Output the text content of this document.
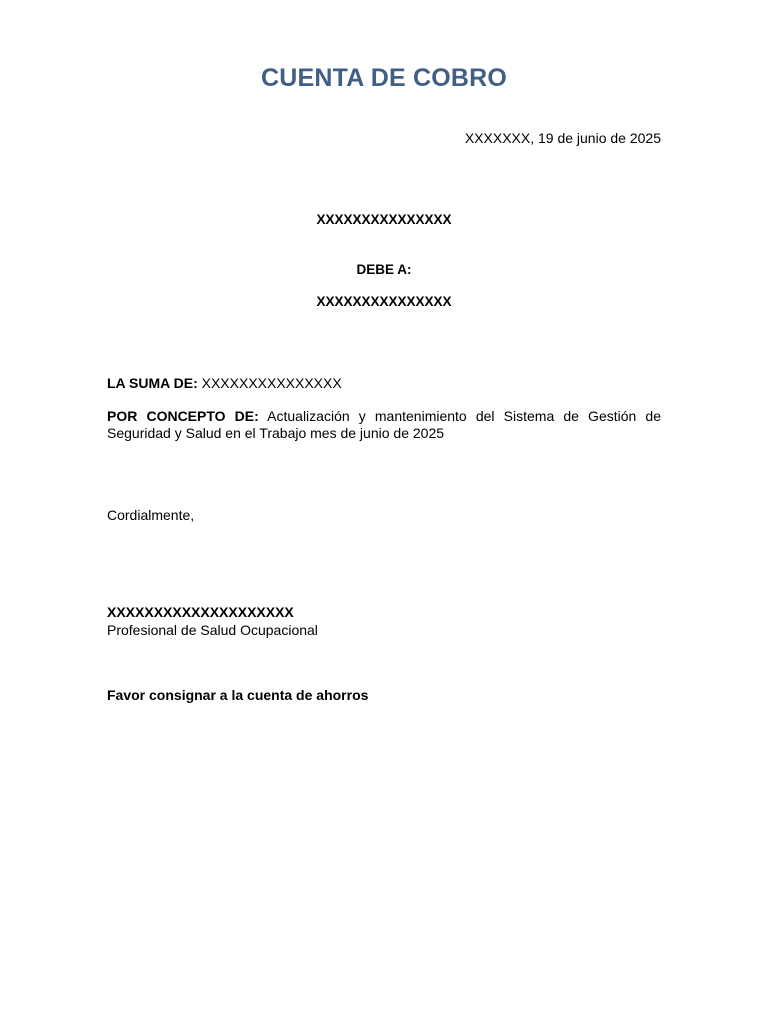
CUENTA DE COBRO
XXXXXXX, 19 de junio de 2025
XXXXXXXXXXXXXXX
DEBE A:
XXXXXXXXXXXXXXX
LA SUMA DE: XXXXXXXXXXXXXXX
POR CONCEPTO DE: Actualización y mantenimiento del Sistema de Gestión de Seguridad y Salud en el Trabajo mes de junio de 2025
Cordialmente,
XXXXXXXXXXXXXXXXXXXX
Profesional de Salud Ocupacional
Favor consignar a la cuenta de ahorros
